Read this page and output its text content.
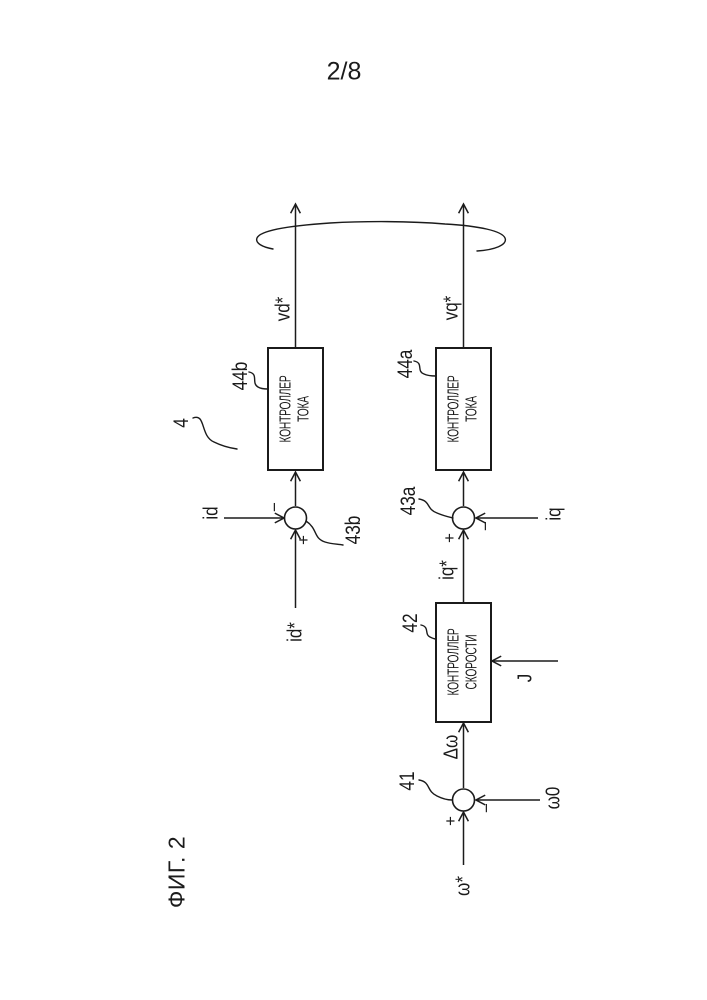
2/8
ФИГ. 2
4
44b	44a
43b
43a
42
41
vd*	vq*
id
id*
iq
iq*
J
Δω
ω0
ω*
−
+
−
+
−
+
КОНТРОЛЛЕР ТОКА	КОНТРОЛЛЕР ТОКА
КОНТРОЛЛЕР СКОРОСТИ
